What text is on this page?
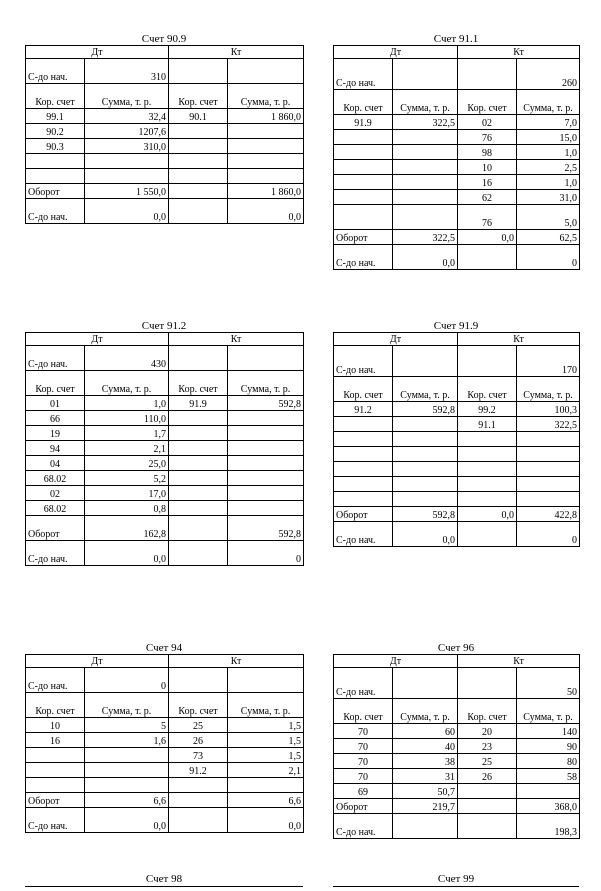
Счет 90.9
Дт		Кт	
С-до нач.	310		
Кор. счет	Сумма, т. р.	Кор. счет	Сумма, т. р.
99.1	32,4	90.1	1 860,0
90.2	1207,6		
90.3	310,0		

Оборот	1 550,0		1 860,0
С-до нач.	0,0		0,0
Счет 91.1
Дт		Кт	
С-до нач.			260
Кор. счет	Сумма, т. р.	Кор. счет	Сумма, т. р.
91.9	322,5	02	7,0
		76	15,0
		98	1,0
		10	2,5
		16	1,0
		62	31,0
		76	5,0
Оборот	322,5	0,0	62,5
С-до нач.	0,0		0
Счет 91.2
Дт		Кт	
С-до нач.	430		
Кор. счет	Сумма, т. р.	Кор. счет	Сумма, т. р.
01	1,0	91.9	592,8
66	110,0		
19	1,7		
94	2,1		
04	25,0		
68.02	5,2		
02	17,0		
68.02	0,8		
Оборот	162,8		592,8
С-до нач.	0,0		0
Счет 91.9
Дт		Кт	
С-до нач.			170
Кор. счет	Сумма, т. р.	Кор. счет	Сумма, т. р.
91.2	592,8	99.2	100,3
		91.1	322,5

Оборот	592,8	0,0	422,8
С-до нач.	0,0		0
Счет 94
Дт		Кт	
С-до нач.	0		
Кор. счет	Сумма, т. р.	Кор. счет	Сумма, т. р.
10	5	25	1,5
16	1,6	26	1,5
		73	1,5
		91.2	2,1

Оборот	6,6		6,6
С-до нач.	0,0		0,0
Счет 96
Дт		Кт	
С-до нач.			50
Кор. счет	Сумма, т. р.	Кор. счет	Сумма, т. р.
70	60	20	140
70	40	23	90
70	38	25	80
70	31	26	58
69	50,7		
Оборот	219,7		368,0
С-до нач.			198,3
Счет 98	Счет 99
